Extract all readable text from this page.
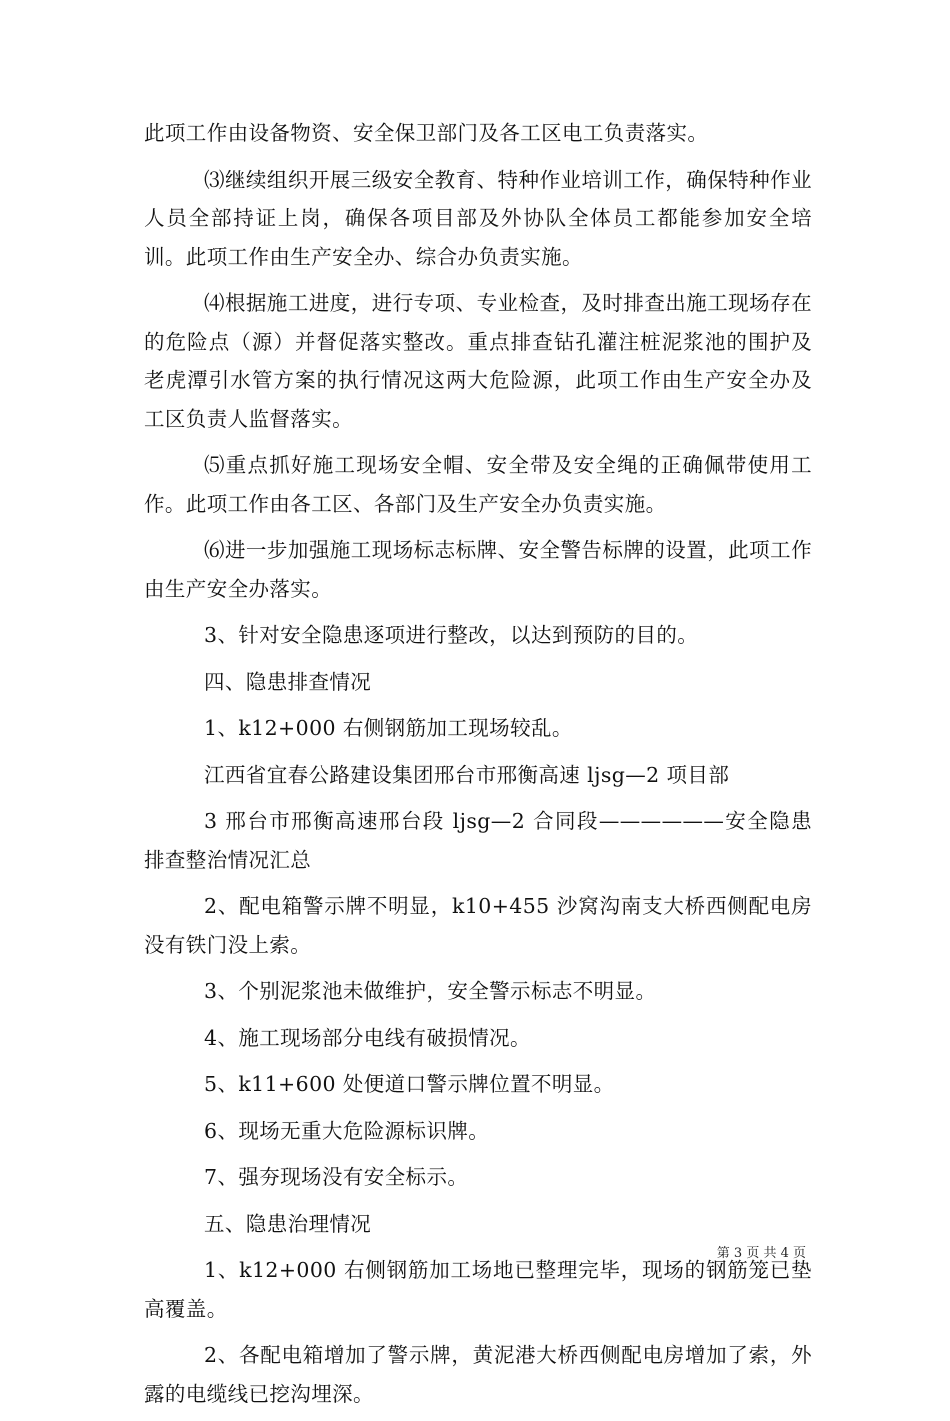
此项工作由设备物资、安全保卫部门及各工区电工负责落实。

⑶继续组织开展三级安全教育、特种作业培训工作，确保特种作业人员全部持证上岗，确保各项目部及外协队全体员工都能参加安全培训。此项工作由生产安全办、综合办负责实施。

⑷根据施工进度，进行专项、专业检查，及时排查出施工现场存在的危险点（源）并督促落实整改。重点排查钻孔灌注桩泥浆池的围护及老虎潭引水管方案的执行情况这两大危险源，此项工作由生产安全办及工区负责人监督落实。

⑸重点抓好施工现场安全帽、安全带及安全绳的正确佩带使用工作。此项工作由各工区、各部门及生产安全办负责实施。

⑹进一步加强施工现场标志标牌、安全警告标牌的设置，此项工作由生产安全办落实。

3、针对安全隐患逐项进行整改，以达到预防的目的。

四、隐患排查情况

1、k12+000 右侧钢筋加工现场较乱。

江西省宜春公路建设集团邢台市邢衡高速 ljsg—2 项目部

3 邢台市邢衡高速邢台段 ljsg—2 合同段——————安全隐患排查整治情况汇总

2、配电箱警示牌不明显，k10+455 沙窝沟南支大桥西侧配电房没有铁门没上索。

3、个别泥浆池未做维护，安全警示标志不明显。

4、施工现场部分电线有破损情况。

5、k11+600 处便道口警示牌位置不明显。

6、现场无重大危险源标识牌。

7、强夯现场没有安全标示。

五、隐患治理情况

1、k12+000 右侧钢筋加工场地已整理完毕，现场的钢筋笼已垫高覆盖。

2、各配电箱增加了警示牌，黄泥港大桥西侧配电房增加了索，外露的电缆线已挖沟埋深。

第 3 页 共 4 页
